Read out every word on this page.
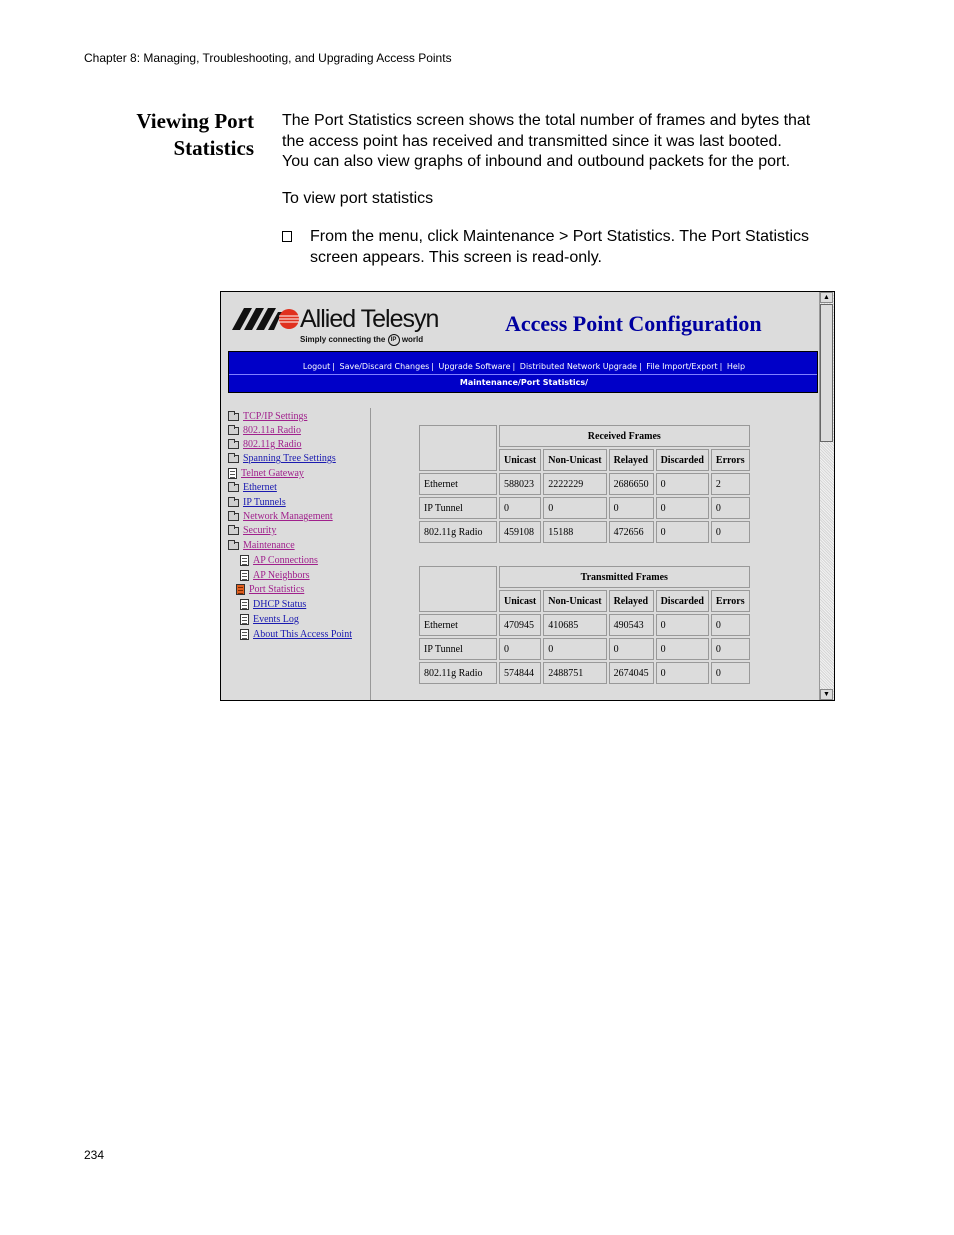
Chapter 8: Managing, Troubleshooting, and Upgrading Access Points
Viewing Port
Statistics
The Port Statistics screen shows the total number of frames and bytes that
the access point has received and transmitted since it was last booted.
You can also view graphs of inbound and outbound packets for the port.
To view port statistics
From the menu, click Maintenance > Port Statistics. The Port Statistics
screen appears. This screen is read-only.
Allied Telesyn
Simply connecting the IP world
Access Point Configuration
Logout | Save/Discard Changes | Upgrade Software | Distributed Network Upgrade | File Import/Export | Help
Maintenance/Port Statistics/
TCP/IP Settings
802.11a Radio
802.11g Radio
Spanning Tree Settings
Telnet Gateway
Ethernet
IP Tunnels
Network Management
Security
Maintenance
AP Connections
AP Neighbors
Port Statistics
DHCP Status
Events Log
About This Access Point
	Received Frames				
	Unicast	Non-Unicast	Relayed	Discarded	Errors
Ethernet	588023	2222229	2686650	0	2
IP Tunnel	0	0	0	0	0
802.11g Radio	459108	15188	472656	0	0
	Transmitted Frames				
	Unicast	Non-Unicast	Relayed	Discarded	Errors
Ethernet	470945	410685	490543	0	0
IP Tunnel	0	0	0	0	0
802.11g Radio	574844	2488751	2674045	0	0
▲
▼
234
